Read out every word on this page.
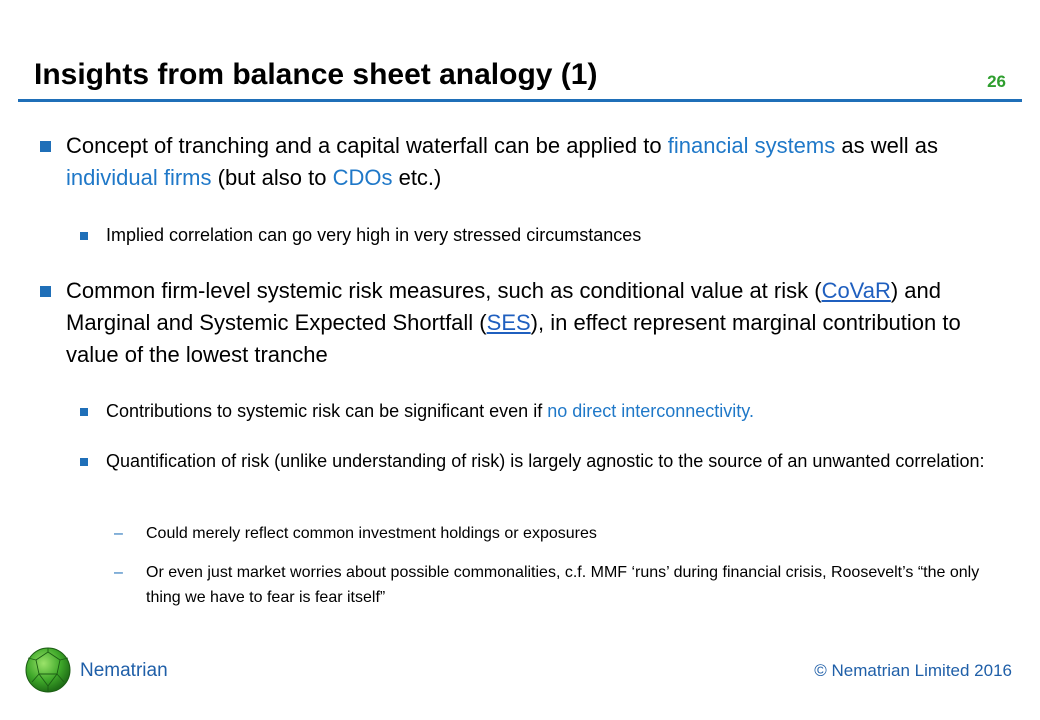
Insights from balance sheet analogy (1)	26
Concept of tranching and a capital waterfall can be applied to financial systems as well as individual firms (but also to CDOs etc.)
Implied correlation can go very high in very stressed circumstances
Common firm-level systemic risk measures, such as conditional value at risk (CoVaR) and Marginal and Systemic Expected Shortfall (SES), in effect represent marginal contribution to value of the lowest tranche
Contributions to systemic risk can be significant even if no direct interconnectivity.
Quantification of risk (unlike understanding of risk) is largely agnostic to the source of an unwanted correlation:
– Could merely reflect common investment holdings or exposures
– Or even just market worries about possible commonalities, c.f. MMF ‘runs’ during financial crisis, Roosevelt’s “the only thing we have to fear is fear itself”
Nematrian	© Nematrian Limited 2016
